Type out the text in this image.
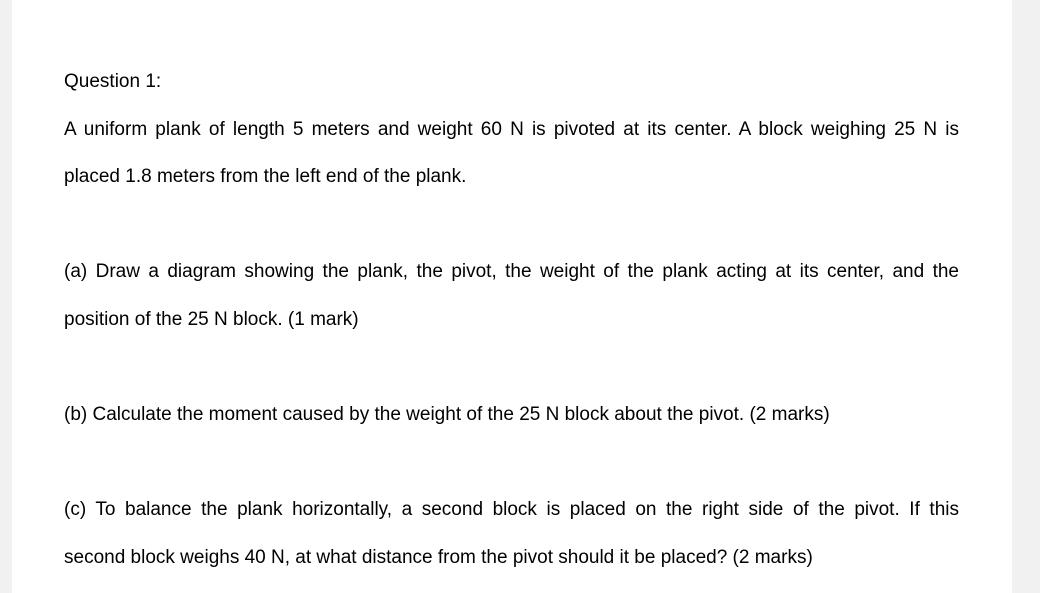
Question 1:
A uniform plank of length 5 meters and weight 60 N is pivoted at its center. A block weighing 25 N is
placed 1.8 meters from the left end of the plank.
(a) Draw a diagram showing the plank, the pivot, the weight of the plank acting at its center, and the
position of the 25 N block. (1 mark)
(b) Calculate the moment caused by the weight of the 25 N block about the pivot. (2 marks)
(c) To balance the plank horizontally, a second block is placed on the right side of the pivot. If this
second block weighs 40 N, at what distance from the pivot should it be placed? (2 marks)
